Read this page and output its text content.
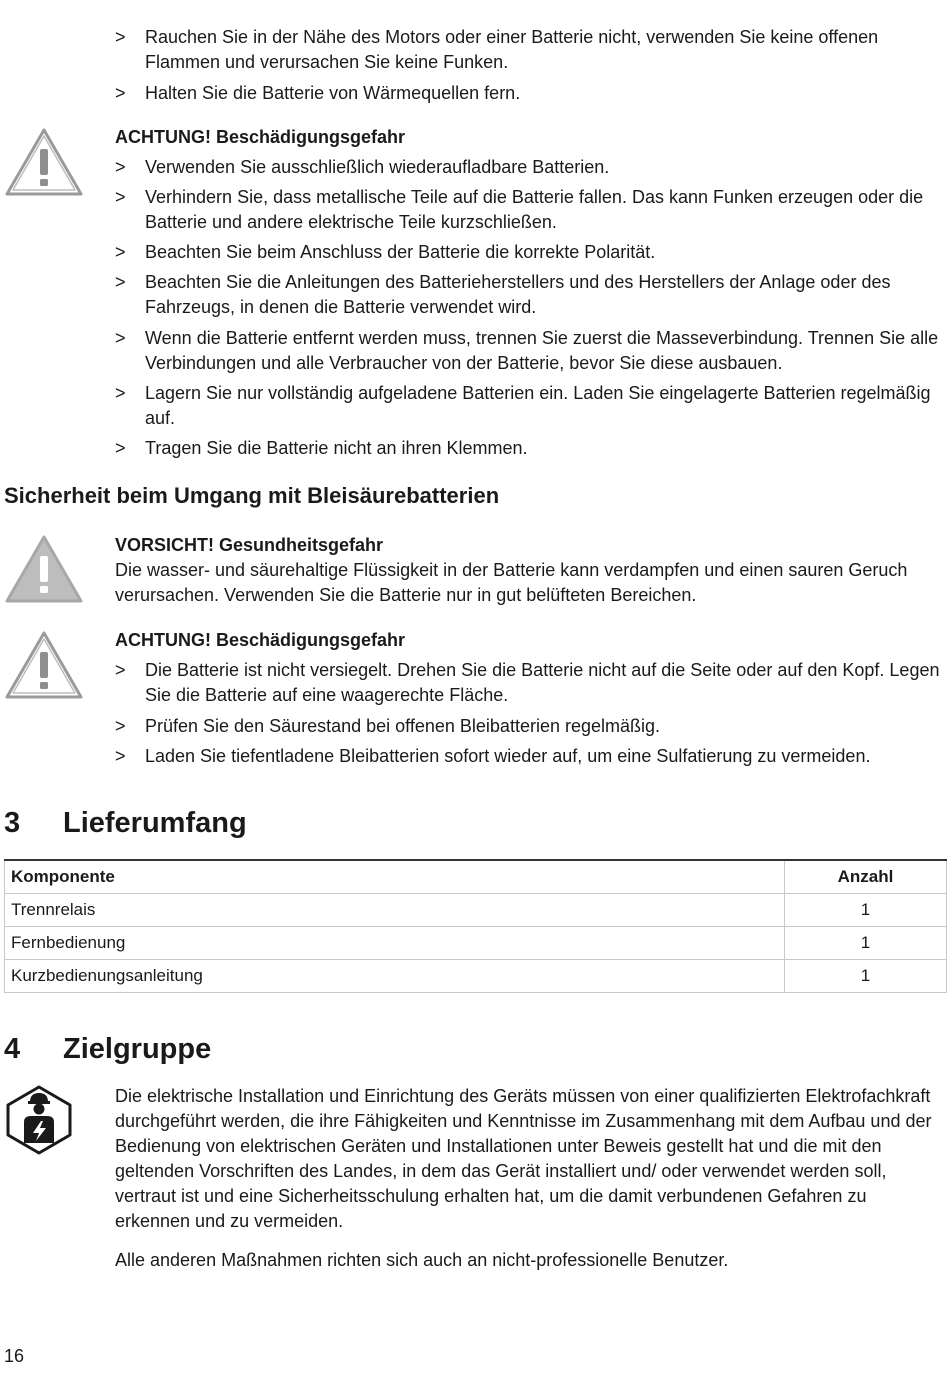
> Rauchen Sie in der Nähe des Motors oder einer Batterie nicht, verwenden Sie keine offenen Flammen und verursachen Sie keine Funken.
> Halten Sie die Batterie von Wärmequellen fern.
ACHTUNG! Beschädigungsgefahr
> Verwenden Sie ausschließlich wiederaufladbare Batterien.
> Verhindern Sie, dass metallische Teile auf die Batterie fallen. Das kann Funken erzeugen oder die Batterie und andere elektrische Teile kurzschließen.
> Beachten Sie beim Anschluss der Batterie die korrekte Polarität.
> Beachten Sie die Anleitungen des Batterieherstellers und des Herstellers der Anlage oder des Fahrzeugs, in denen die Batterie verwendet wird.
> Wenn die Batterie entfernt werden muss, trennen Sie zuerst die Masseverbindung. Trennen Sie alle Verbindungen und alle Verbraucher von der Batterie, bevor Sie diese ausbauen.
> Lagern Sie nur vollständig aufgeladene Batterien ein. Laden Sie eingelagerte Batterien regelmäßig auf.
> Tragen Sie die Batterie nicht an ihren Klemmen.
Sicherheit beim Umgang mit Bleisäurebatterien
VORSICHT! Gesundheitsgefahr
Die wasser- und säurehaltige Flüssigkeit in der Batterie kann verdampfen und einen sauren Geruch verursachen. Verwenden Sie die Batterie nur in gut belüfteten Bereichen.
ACHTUNG! Beschädigungsgefahr
> Die Batterie ist nicht versiegelt. Drehen Sie die Batterie nicht auf die Seite oder auf den Kopf. Legen Sie die Batterie auf eine waagerechte Fläche.
> Prüfen Sie den Säurestand bei offenen Bleibatterien regelmäßig.
> Laden Sie tiefentladene Bleibatterien sofort wieder auf, um eine Sulfatierung zu vermeiden.
3 Lieferumfang
Komponente	Anzahl
Trennrelais	1
Fernbedienung	1
Kurzbedienungsanleitung	1
4 Zielgruppe
Die elektrische Installation und Einrichtung des Geräts müssen von einer qualifizierten Elektrofachkraft durchgeführt werden, die ihre Fähigkeiten und Kenntnisse im Zusammenhang mit dem Aufbau und der Bedienung von elektrischen Geräten und Installationen unter Beweis gestellt hat und die mit den geltenden Vorschriften des Landes, in dem das Gerät installiert und/ oder verwendet werden soll, vertraut ist und eine Sicherheitsschulung erhalten hat, um die damit verbundenen Gefahren zu erkennen und zu vermeiden.
Alle anderen Maßnahmen richten sich auch an nicht-professionelle Benutzer.
16
